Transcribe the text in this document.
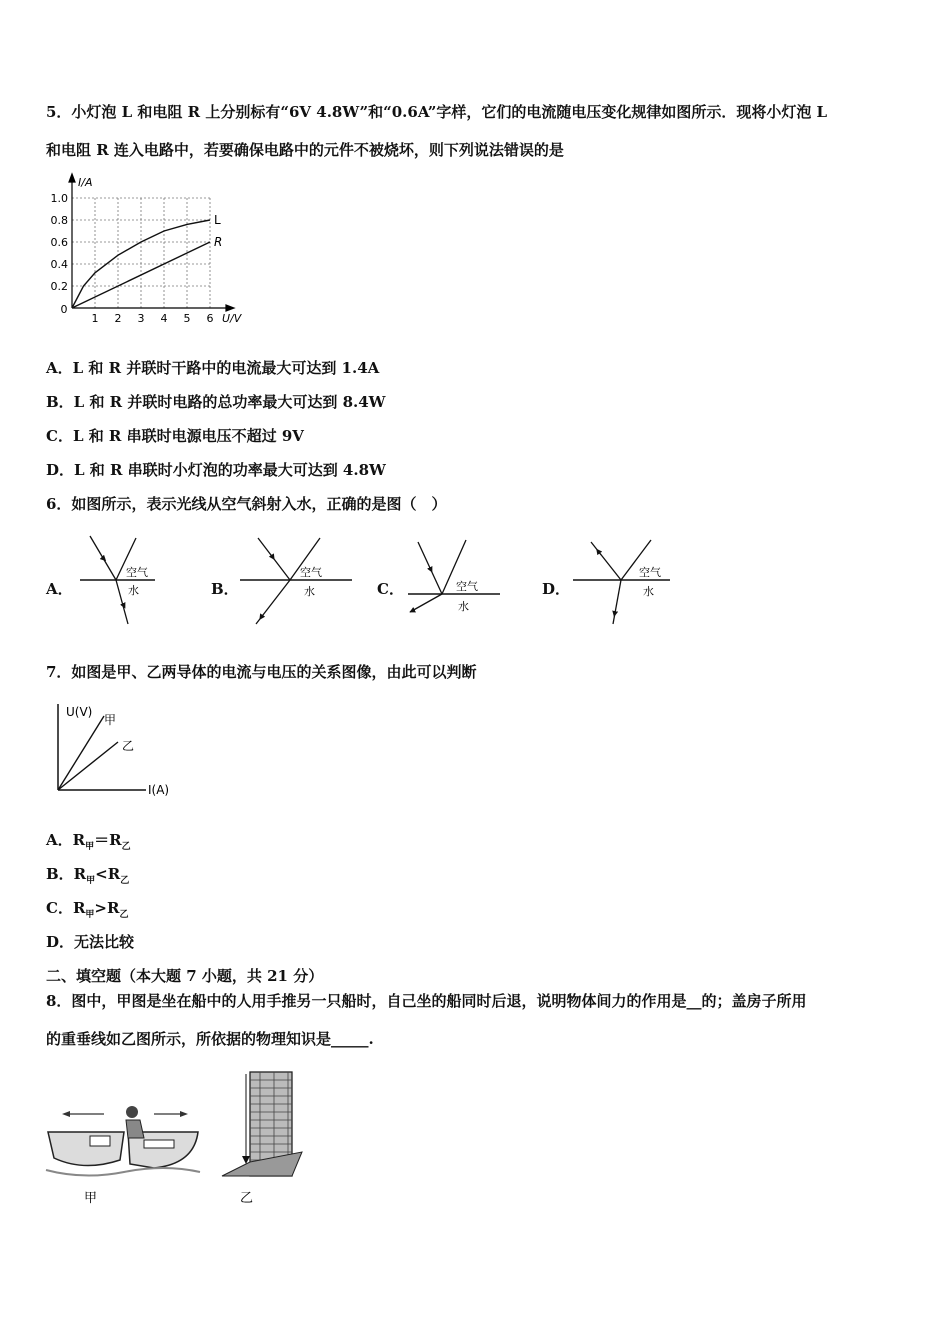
5．小灯泡 L 和电阻 R 上分别标有“6V 4.8W”和“0.6A”字样，它们的电流随电压变化规律如图所示．现将小灯泡 L
和电阻 R 连入电路中，若要确保电路中的元件不被烧坏，则下列说法错误的是
I/A
U/V
0
1 2 3 4 5 6
0.2
0.4
0.6
0.8
1.0
L
R
A．L 和 R 并联时干路中的电流最大可达到 1.4A
B．L 和 R 并联时电路的总功率最大可达到 8.4W
C．L 和 R 串联时电源电压不超过 9V
D．L 和 R 串联时小灯泡的功率最大可达到 4.8W
6．如图所示，表示光线从空气斜射入水，正确的是图（　）
A．
空气
水	B．
空气
水	C．	空气
水
D．
空气
水
7．如图是甲、乙两导体的电流与电压的关系图像，由此可以判断
U(V)
I(A)
甲
乙
A．$R_甲=R_乙$
B．$R_甲<R_乙$
C．$R_甲>R_乙$
D．无法比较
二、填空题（本大题 7 小题，共 21 分）
8．图中，甲图是坐在船中的人用手推另一只船时，自己坐的船同时后退，说明物体间力的作用是__的；盖房子所用
的重垂线如乙图所示，所依据的物理知识是_____.
甲	乙
